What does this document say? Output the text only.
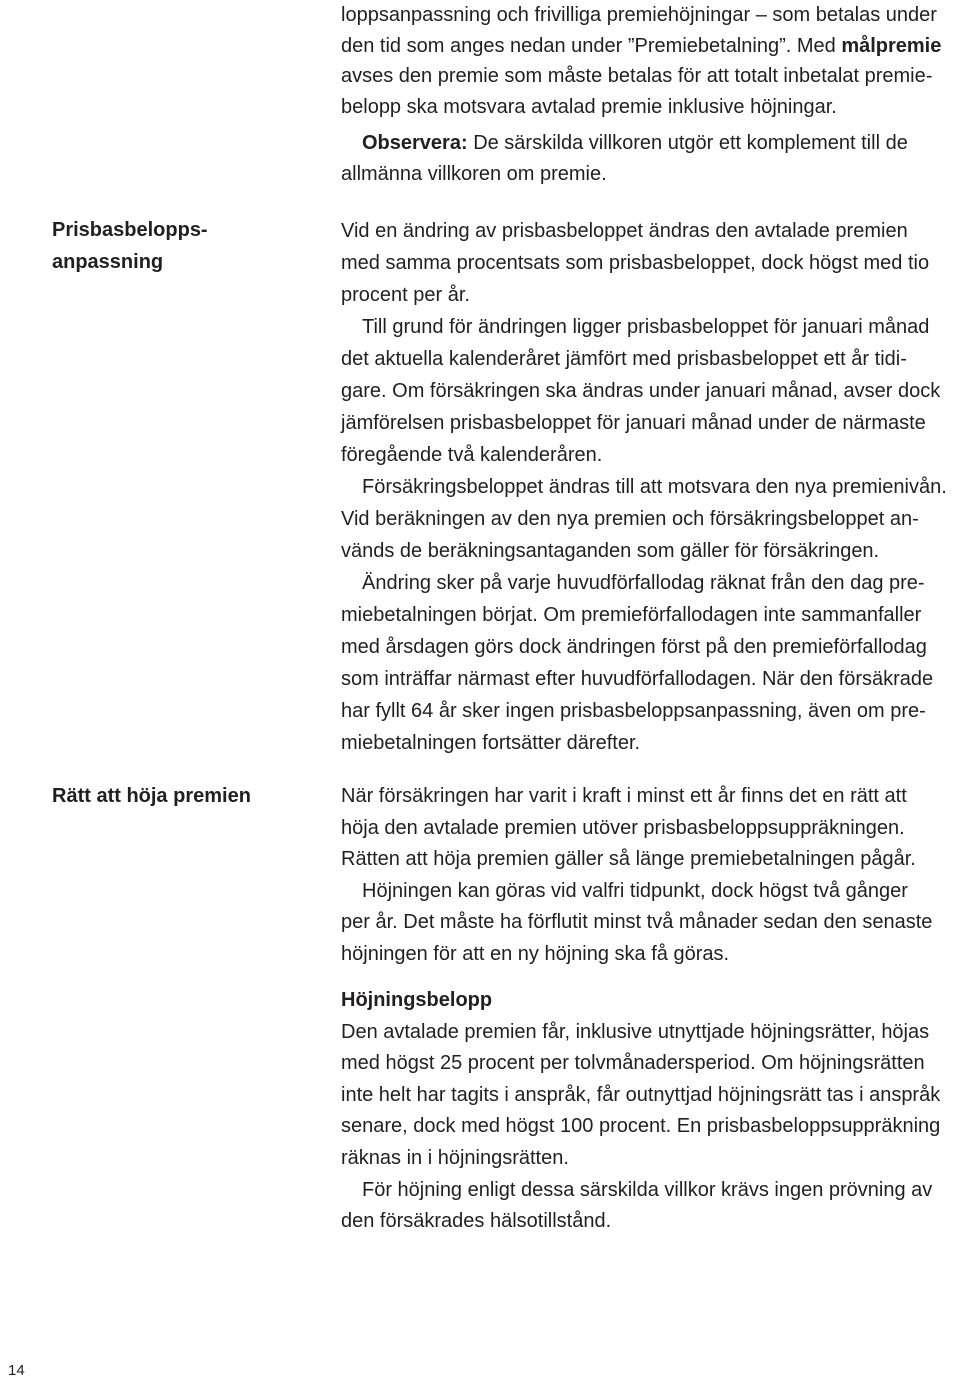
loppsanpassning och frivilliga premiehöjningar – som betalas under
den tid som anges nedan under ”Premiebetalning”. Med målpremie
avses den premie som måste betalas för att totalt inbetalat premie-
belopp ska motsvara avtalad premie inklusive höjningar.
Observera: De särskilda villkoren utgör ett komplement till de
allmänna villkoren om premie.
Prisbasbelopps-
anpassning
Vid en ändring av prisbasbeloppet ändras den avtalade premien
med samma procentsats som prisbasbeloppet, dock högst med tio
procent per år.
Till grund för ändringen ligger prisbasbeloppet för januari månad
det aktuella kalenderåret jämfört med prisbasbeloppet ett år tidi-
gare. Om försäkringen ska ändras under januari månad, avser dock
jämförelsen prisbasbeloppet för januari månad under de närmaste
föregående två kalenderåren.
Försäkringsbeloppet ändras till att motsvara den nya premienivån.
Vid beräkningen av den nya premien och försäkringsbeloppet an-
vänds de beräkningsantaganden som gäller för försäkringen.
Ändring sker på varje huvudförfallodag räknat från den dag pre-
miebetalningen börjat. Om premieförfallodagen inte sammanfaller
med årsdagen görs dock ändringen först på den premieförfallodag
som inträffar närmast efter huvudförfallodagen. När den försäkrade
har fyllt 64 år sker ingen prisbasbeloppsanpassning, även om pre-
miebetalningen fortsätter därefter.
Rätt att höja premien	När försäkringen har varit i kraft i minst ett år finns det en rätt att
höja den avtalade premien utöver prisbasbeloppsuppräkningen.
Rätten att höja premien gäller så länge premiebetalningen pågår.
Höjningen kan göras vid valfri tidpunkt, dock högst två gånger
per år. Det måste ha förflutit minst två månader sedan den senaste
höjningen för att en ny höjning ska få göras.
Höjningsbelopp
Den avtalade premien får, inklusive utnyttjade höjningsrätter, höjas
med högst 25 procent per tolvmånadersperiod. Om höjningsrätten
inte helt har tagits i anspråk, får outnyttjad höjningsrätt tas i anspråk
senare, dock med högst 100 procent. En prisbasbeloppsuppräkning
räknas in i höjningsrätten.
För höjning enligt dessa särskilda villkor krävs ingen prövning av
den försäkrades hälsotillstånd.
14
